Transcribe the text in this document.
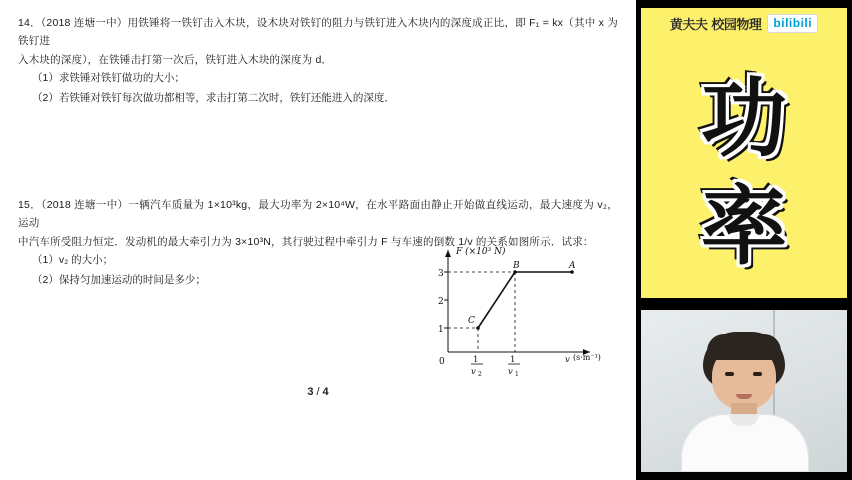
14．（2018 连塘一中）用铁锤将一铁钉击入木块，设木块对铁钉的阻力与铁钉进入木块内的深度成正比，即 F₁ = kx（其中 x 为铁钉进
入木块的深度），在铁锤击打第一次后，铁钉进入木块的深度为 d．
（1）求铁锤对铁钉做功的大小；
（2）若铁锤对铁钉每次做功都相等，求击打第二次时，铁钉还能进入的深度．
15．（2018 连塘一中）一辆汽车质量为 1×10³kg，最大功率为 2×10⁴W，在水平路面由静止开始做直线运动，最大速度为 v₂，运动
中汽车所受阻力恒定．发动机的最大牵引力为 3×10³N，其行驶过程中牵引力 F 与车速的倒数 1/v 的关系如图所示．试求：
（1）v₂ 的大小；
（2）保持匀加速运动的时间是多少；
C
B	A
1
2
3
0	1
v 2
1
v 1
F (×10³ N)
v (s·m⁻¹)
3 / 4
黄夫夫 校园物理	bilibili
功
率
